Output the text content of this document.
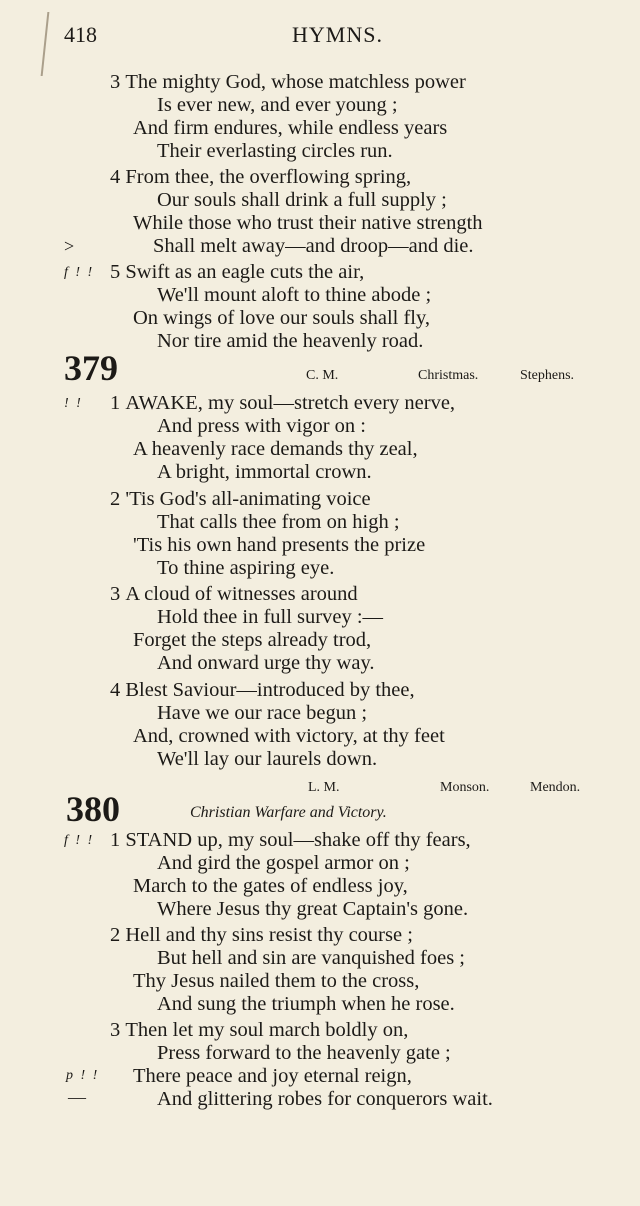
418	HYMNS.
3 The mighty God, whose matchless power
Is ever new, and ever young ;
And firm endures, while endless years
Their everlasting circles run.
4 From thee, the overflowing spring,
Our souls shall drink a full supply ;
While those who trust their native strength
>	Shall melt away—and droop—and die.
f ! ! 5 Swift as an eagle cuts the air,
We'll mount aloft to thine abode ;
On wings of love our souls shall fly,
Nor tire amid the heavenly road.
379	C. M.	Christmas.	Stephens.
! ! 1 AWAKE, my soul—stretch every nerve,
And press with vigor on :
A heavenly race demands thy zeal,
A bright, immortal crown.
2 'Tis God's all-animating voice
That calls thee from on high ;
'Tis his own hand presents the prize
To thine aspiring eye.
3 A cloud of witnesses around
Hold thee in full survey :—
Forget the steps already trod,
And onward urge thy way.
4 Blest Saviour—introduced by thee,
Have we our race begun ;
And, crowned with victory, at thy feet
We'll lay our laurels down.
L. M.	Monson.	Mendon.
380	Christian Warfare and Victory.
f ! ! 1 STAND up, my soul—shake off thy fears,
And gird the gospel armor on ;
March to the gates of endless joy,
Where Jesus thy great Captain's gone.
2 Hell and thy sins resist thy course ;
But hell and sin are vanquished foes ;
Thy Jesus nailed them to the cross,
And sung the triumph when he rose.
3 Then let my soul march boldly on,
Press forward to the heavenly gate ;
p ! ! There peace and joy eternal reign,
—	And glittering robes for conquerors wait.
